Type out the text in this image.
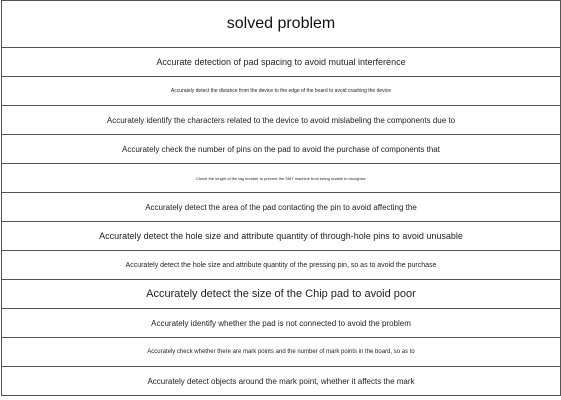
solved problem
Accurate detection of pad spacing to avoid mutual interference
Accurately detect the distance from the device to the edge of the board to avoid crashing the device
Accurately identify the characters related to the device to avoid mislabeling the components due to
Accurately check the number of pins on the pad to avoid the purchase of components that
Check the length of the tag number to prevent the SMT machine from being unable to recognize
Accurately detect the area of the pad contacting the pin to avoid affecting the
Accurately detect the hole size and attribute quantity of through-hole pins to avoid unusable
Accurately detect the hole size and attribute quantity of the pressing pin, so as to avoid the purchase
Accurately detect the size of the Chip pad to avoid poor
Accurately identify whether the pad is not connected to avoid the problem
Accurately check whether there are mark points and the number of mark points in the board, so as to
Accurately detect objects around the mark point, whether it affects the mark
